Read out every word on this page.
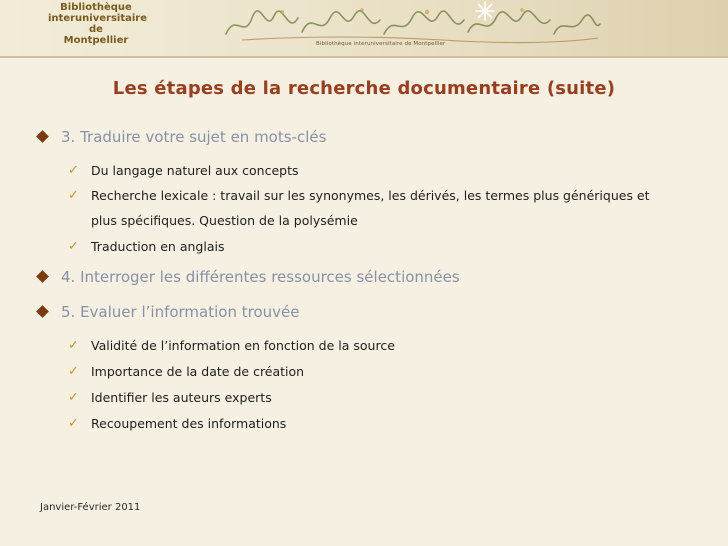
Bibliothèque
interuniversitaire
de
Montpellier	Bibliothèque interuniversitaire de Montpellier
Les étapes de la recherche documentaire (suite)
3. Traduire votre sujet en mots-clés
✓ Du langage naturel aux concepts
✓ Recherche lexicale : travail sur les synonymes, les dérivés, les termes plus génériques et
plus spécifiques. Question de la polysémie
✓ Traduction en anglais
4. Interroger les différentes ressources sélectionnées
5. Evaluer l’information trouvée
✓ Validité de l’information en fonction de la source
✓ Importance de la date de création
✓ Identifier les auteurs experts
✓ Recoupement des informations
Janvier-Février 2011
